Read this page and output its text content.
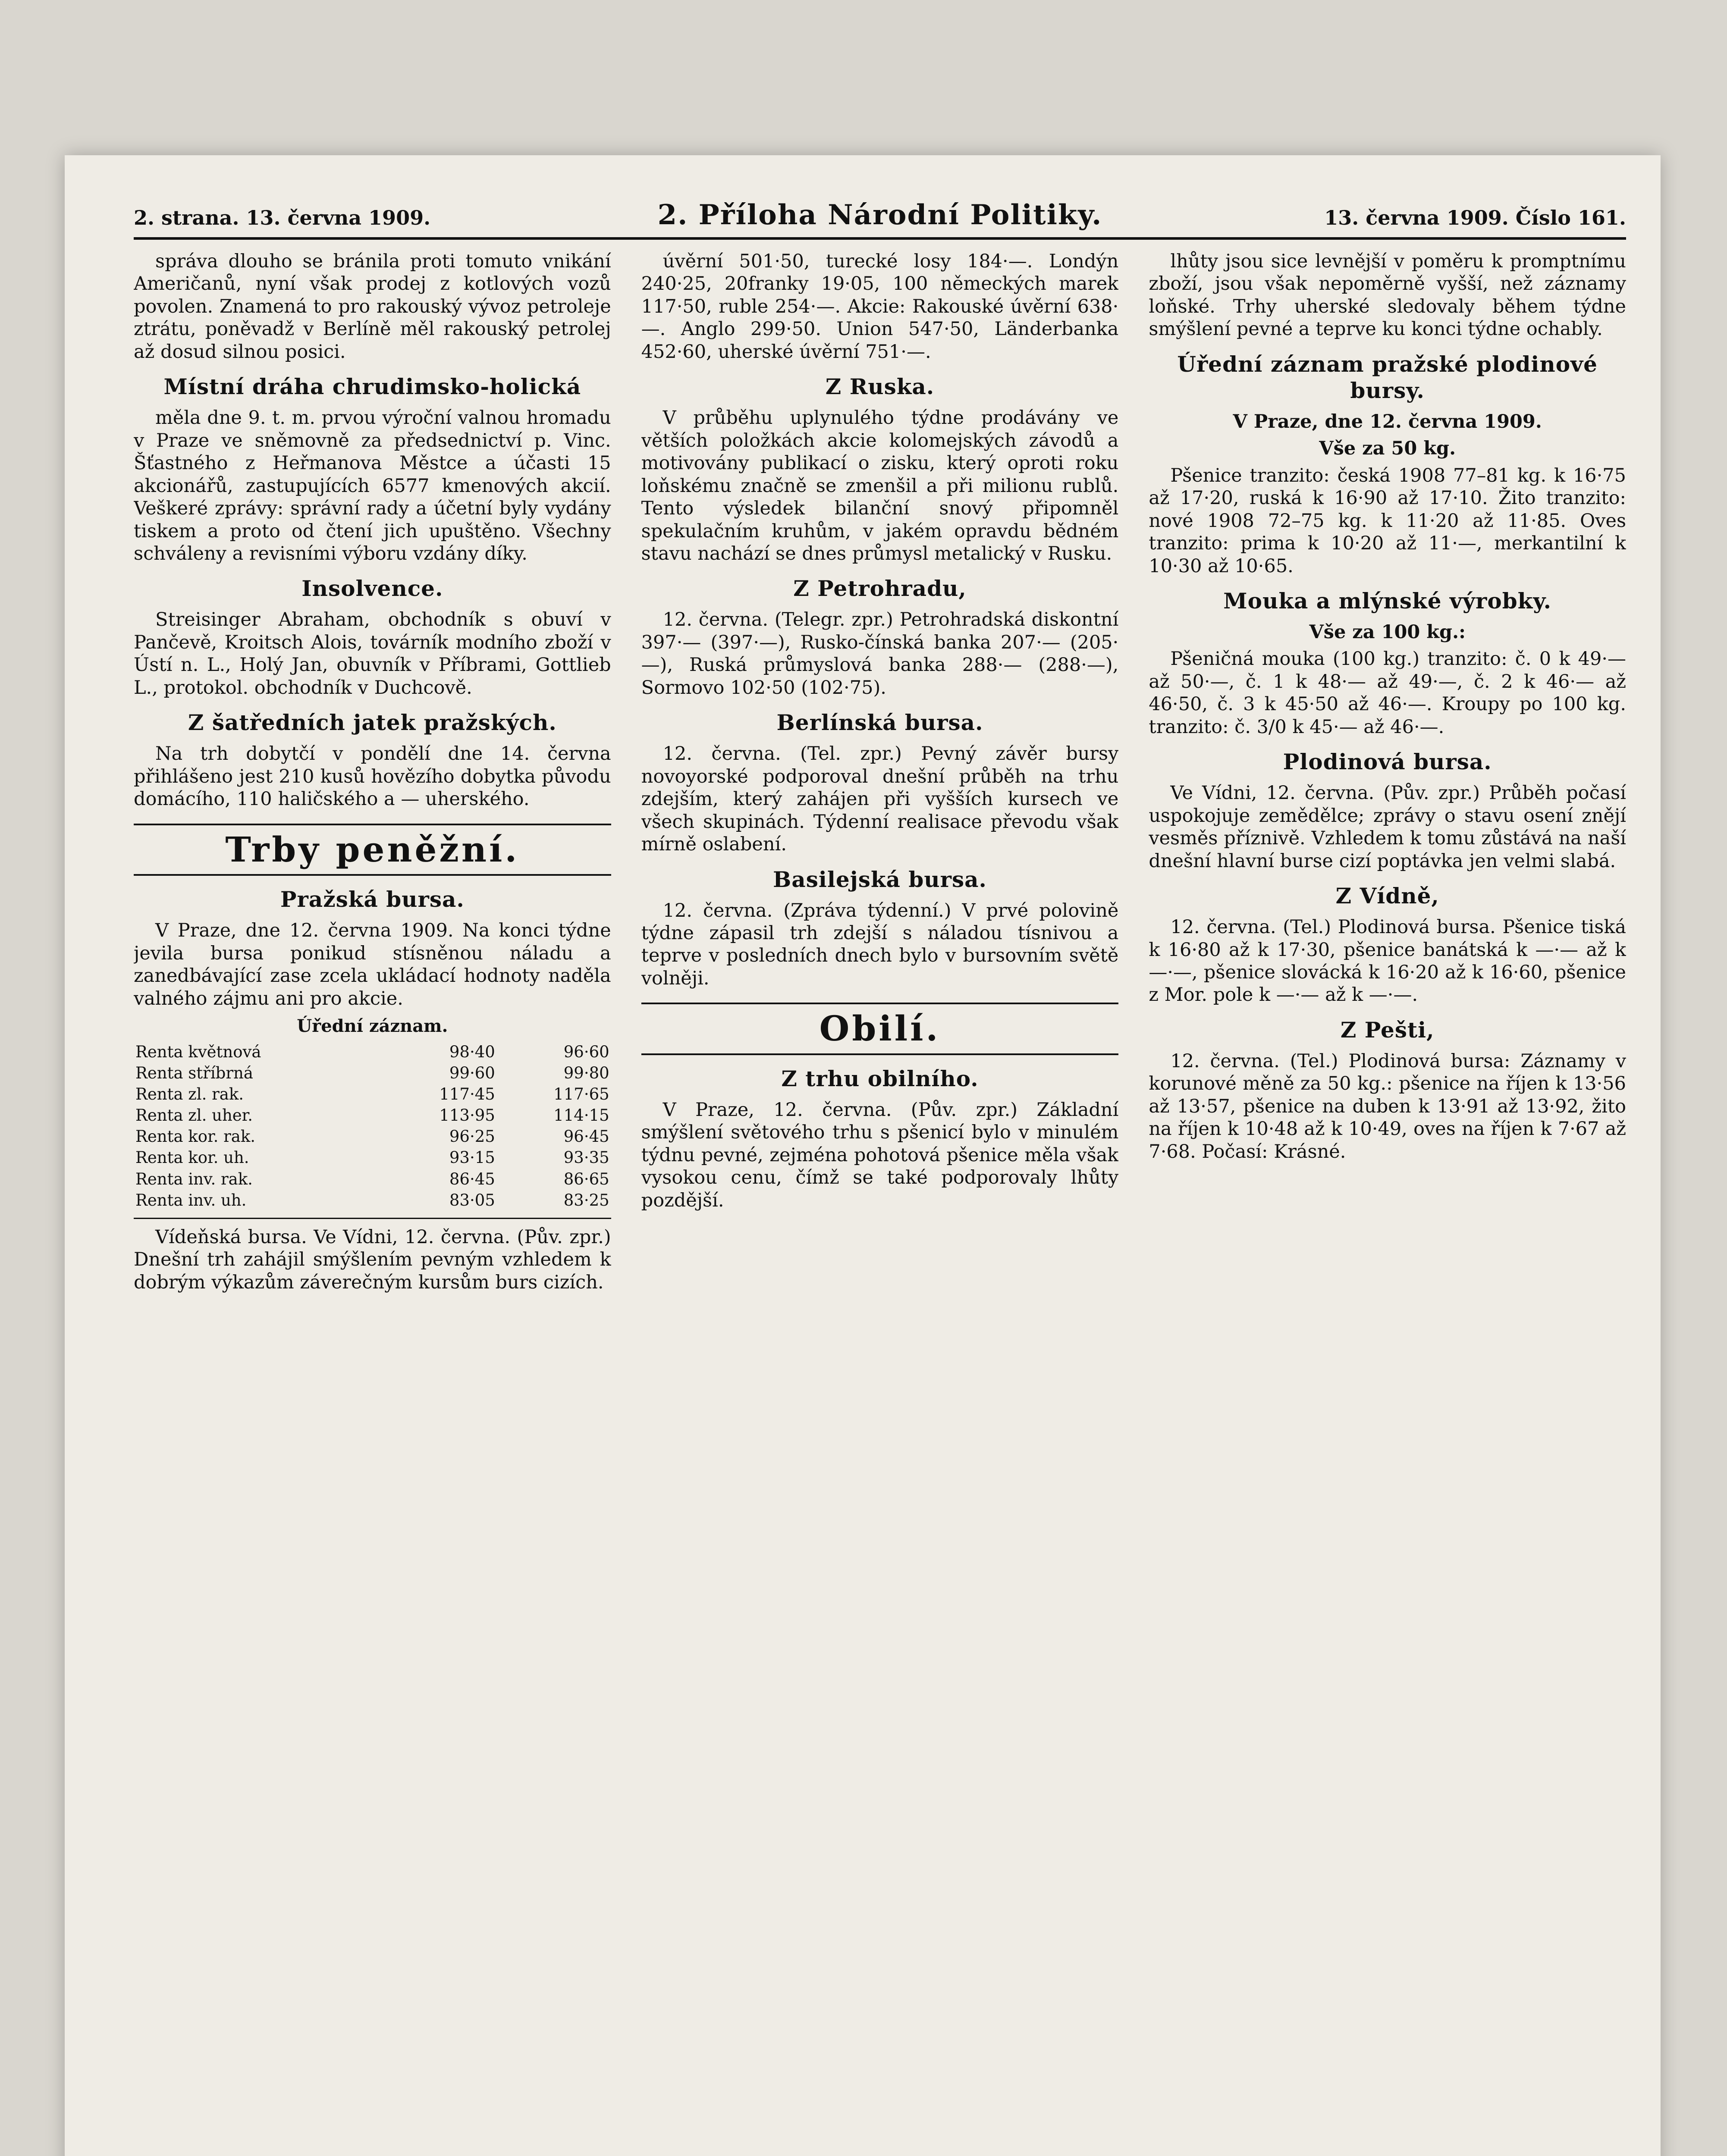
2. strana. 13. června 1909.	2. Příloha Národní Politiky.	13. června 1909. Číslo 161.

správa dlouho se bránila proti tomuto vnikání Američanů, nyní však prodej z kotlových vozů povolen. Znamená to pro rakouský vývoz petroleje ztrátu, poněvadž v Berlíně měl rakouský petrolej až dosud silnou posici.

Místní dráha chrudimsko-holická

měla dne 9. t. m. prvou výroční valnou hromadu v Praze ve sněmovně za předsednictví p. Vinc. Šťastného z Heřmanova Městce a účasti 15 akcionářů, zastupujících 6577 kmenových akcií. Veškeré zprávy: správní rady a účetní byly vydány tiskem a proto od čtení jich upuštěno. Všechny schváleny a revisními výboru vzdány díky.

Insolvence.

Streisinger Abraham, obchodník s obuví v Pančevě, Kroitsch Alois, továrník modního zboží v Ústí n. L., Holý Jan, obuvník v Příbrami, Gottlieb L., protokol. obchodník v Duchcově.

Z šatředních jatek pražských.

Na trh dobytčí v pondělí dne 14. června přihlášeno jest 210 kusů hovězího dobytka původu domácího, 110 haličského a — uherského.

Trby peněžní.
Pražská bursa.

V Praze, dne 12. června 1909. Na konci týdne jevila bursa ponikud stísněnou náladu a zanedbávající zase zcela ukládací hodnoty naděla valného zájmu ani pro akcie.

Úřední záznam.
Renta květnová	98·40	96·60
Renta stříbrná	99·60	99·80
Renta zl. rak.	117·45	117·65
Renta zl. uher.	113·95	114·15
Renta kor. rak.	96·25	96·45
Renta kor. uh.	93·15	93·35
Renta inv. rak.	86·45	86·65
Renta inv. uh.	83·05	83·25

Vídeňská bursa. Ve Vídni, 12. června. (Pův. zpr.) Dnešní trh zahájil smýšlením pevným vzhledem k dobrým výkazům záverečným kursům burs cizích.

úvěrní 501·50, turecké losy 184·—. Londýn 240·25, 20franky 19·05, 100 německých marek 117·50, ruble 254·—. Akcie: Rakouské úvěrní 638·—. Anglo 299·50. Union 547·50, Länderbanka 452·60, uherské úvěrní 751·—.

Z Ruska.

V průběhu uplynulého týdne prodávány ve větších položkách akcie kolomejských závodů a motivovány publikací o zisku, který oproti roku loňskému značně se zmenšil a při milionu rublů. Tento výsledek bilanční snový připomněl spekulačním kruhům, v jakém opravdu bědném stavu nachází se dnes průmysl metalický v Rusku.

Z Petrohradu,

12. června. (Telegr. zpr.) Petrohradská diskontní 397·— (397·—), Rusko-čínská banka 207·— (205·—), Ruská průmyslová banka 288·— (288·—), Sormovo 102·50 (102·75).

Berlínská bursa.

12. června. (Tel. zpr.) Pevný závěr bursy novoyorské podporoval dnešní průběh na trhu zdejším, který zahájen při vyšších kursech ve všech skupinách. Týdenní realisace převodu však mírně oslabení.

Basilejská bursa.

12. června. (Zpráva týdenní.) V prvé polovině týdne zápasil trh zdejší s náladou tísnivou a teprve v posledních dnech bylo v bursovním světě volněji.

Obilí.
Z trhu obilního.

V Praze, 12. června. (Pův. zpr.) Základní smýšlení světového trhu s pšenicí bylo v minulém týdnu pevné, zejména pohotová pšenice měla však vysokou cenu, čímž se také podporovaly lhůty pozdější.

lhůty jsou sice levnější v poměru k promptnímu zboží, jsou však nepoměrně vyšší, než záznamy loňské. Trhy uherské sledovaly během týdne smýšlení pevné a teprve ku konci týdne ochably.

Úřední záznam pražské plodinové bursy.
V Praze, dne 12. června 1909.
Vše za 50 kg.

Pšenice tranzito: česká 1908 77–81 kg. k 16·75 až 17·20, ruská k 16·90 až 17·10. Žito tranzito: nové 1908 72–75 kg. k 11·20 až 11·85. Oves tranzito: prima k 10·20 až 11·—, merkantilní k 10·30 až 10·65.

Mouka a mlýnské výrobky.
Vše za 100 kg.:

Pšeničná mouka (100 kg.) tranzito: č. 0 k 49·— až 50·—, č. 1 k 48·— až 49·—, č. 2 k 46·— až 46·50, č. 3 k 45·50 až 46·—. Kroupy po 100 kg. tranzito: č. 3/0 k 45·— až 46·—.

Plodinová bursa.

Ve Vídni, 12. června. (Pův. zpr.) Průběh počasí uspokojuje zemědělce; zprávy o stavu osení znějí vesměs příznivě. Vzhledem k tomu zůstává na naší dnešní hlavní burse cizí poptávka jen velmi slabá.

Z Vídně,

12. června. (Tel.) Plodinová bursa. Pšenice tiská k 16·80 až k 17·30, pšenice banátská k —·— až k —·—, pšenice slovácká k 16·20 až k 16·60, pšenice z Mor. pole k —·— až k —·—.

Z Pešti,

12. června. (Tel.) Plodinová bursa: Záznamy v korunové měně za 50 kg.: pšenice na říjen k 13·56 až 13·57, pšenice na duben k 13·91 až 13·92, žito na říjen k 10·48 až k 10·49, oves na říjen k 7·67 až 7·68. Počasí: Krásné.
